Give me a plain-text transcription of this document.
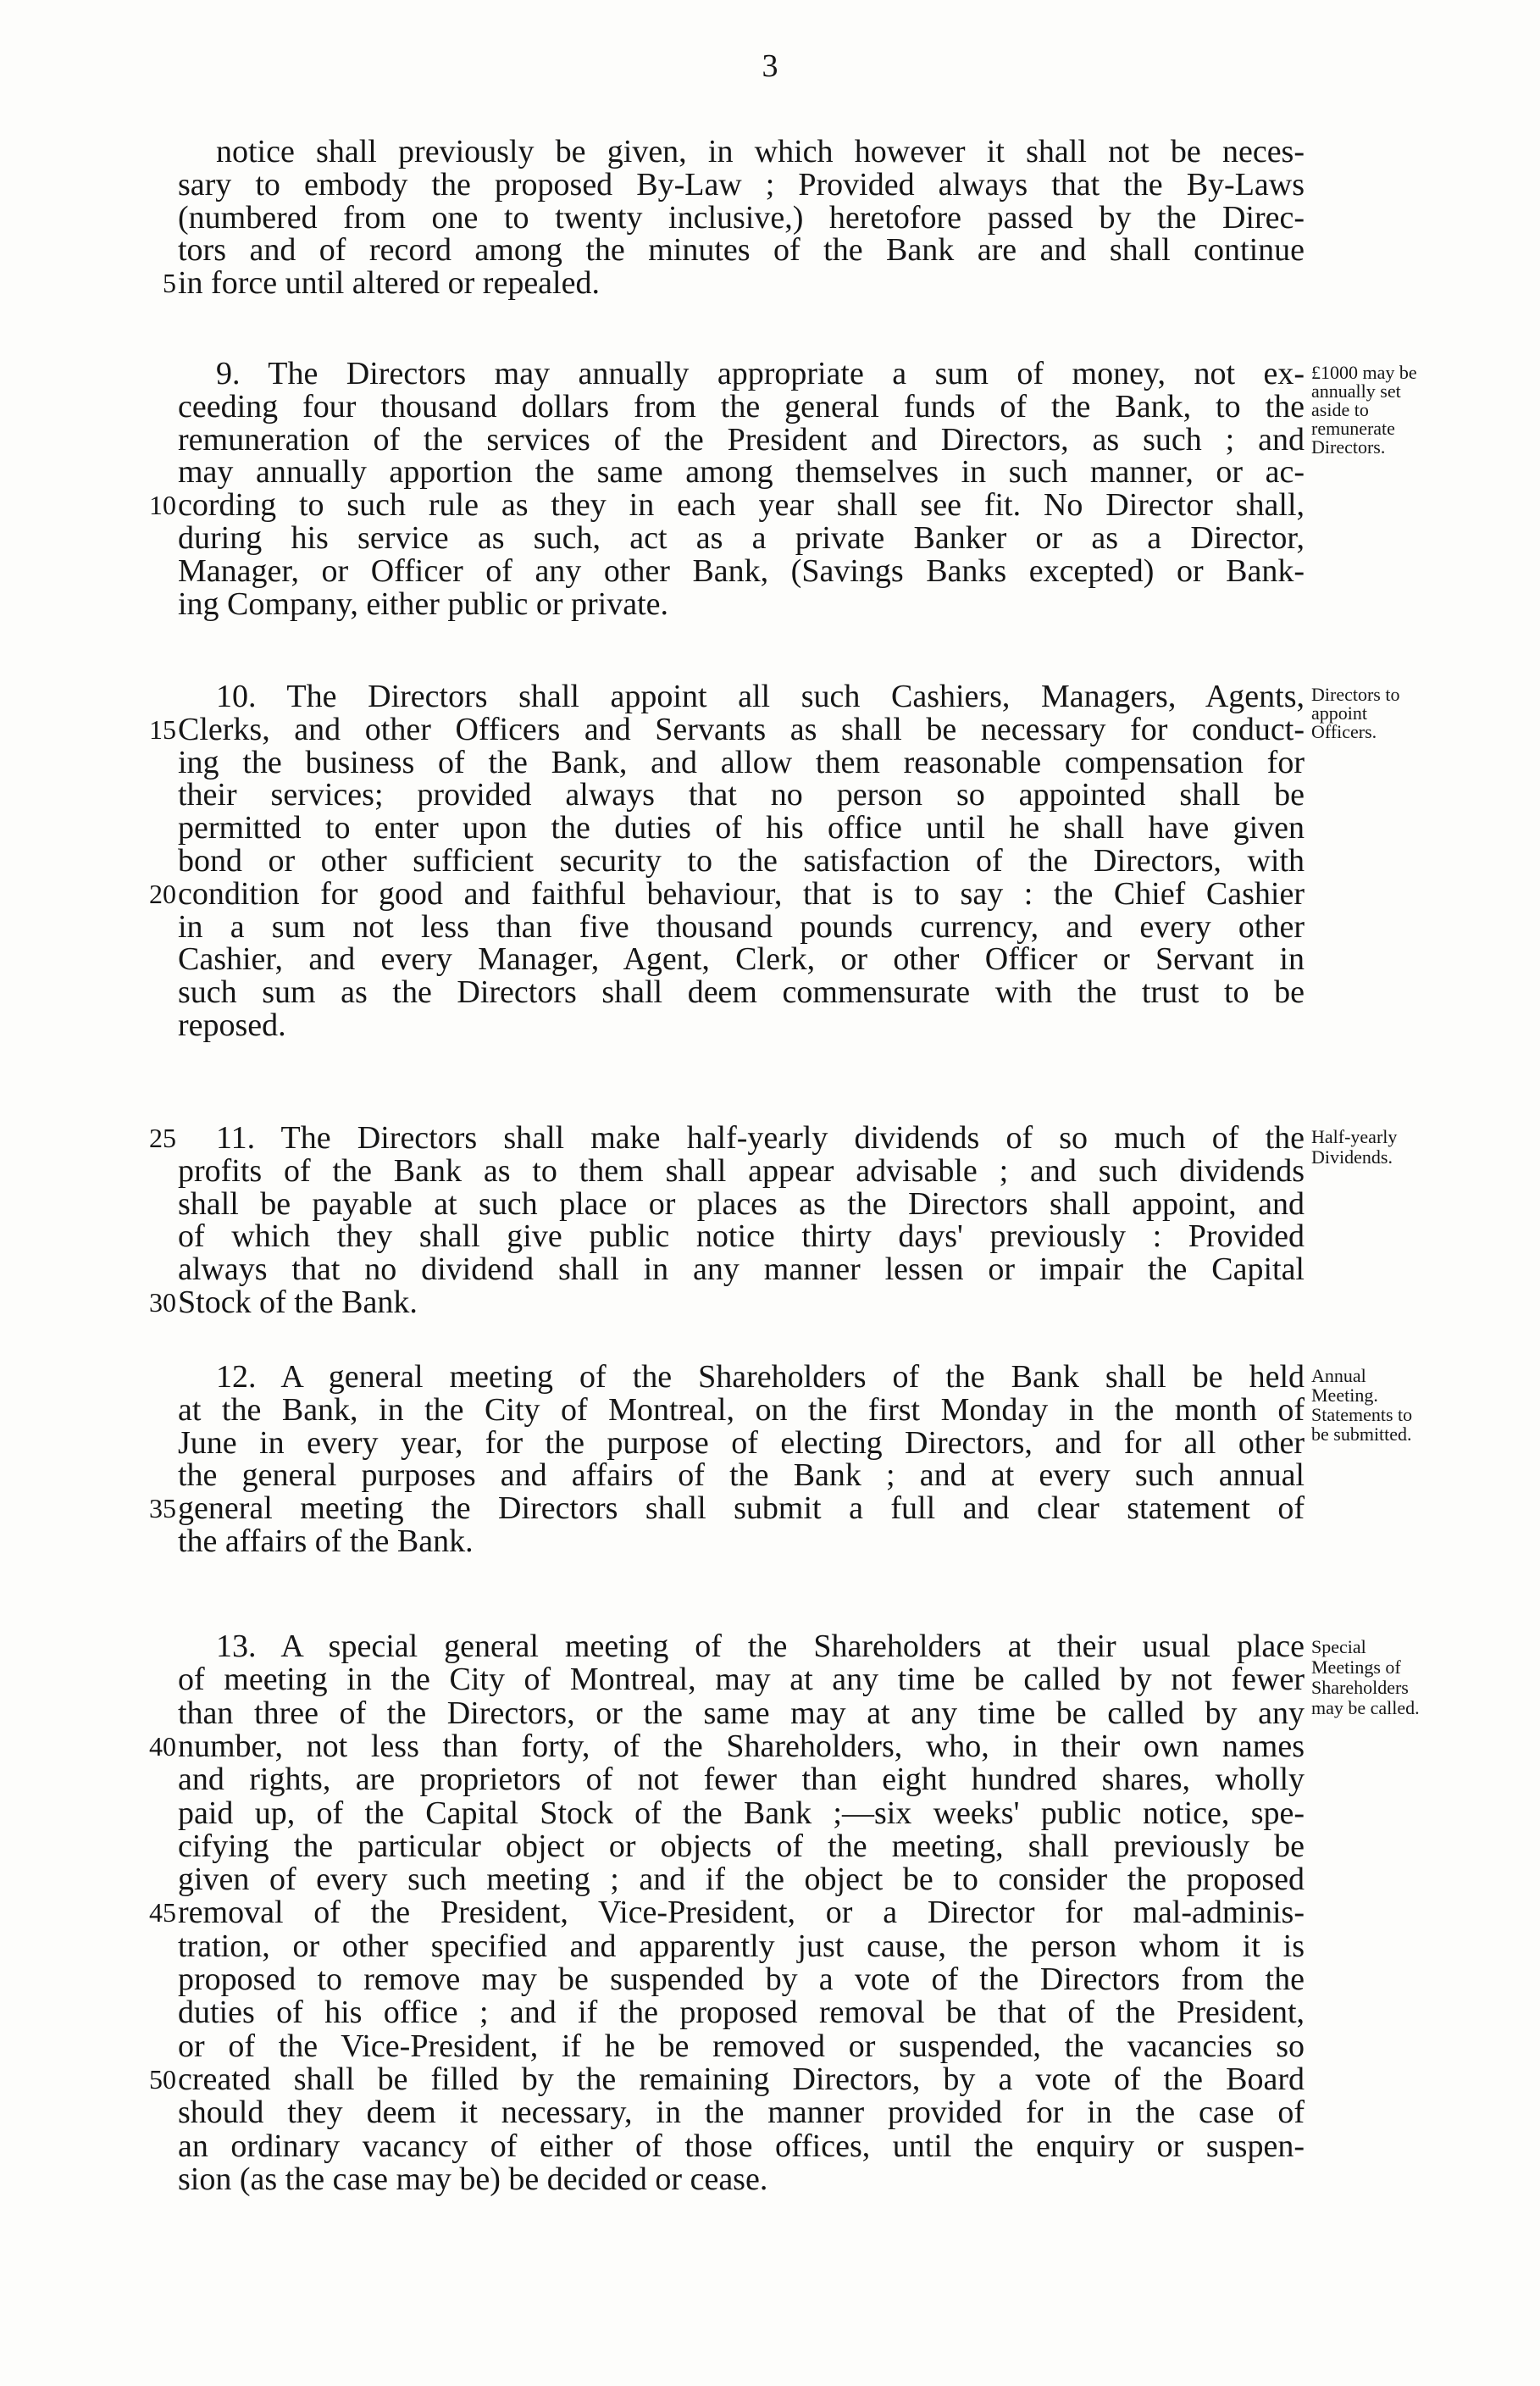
3
notice shall previously be given, in which however it shall not be neces-
sary to embody the proposed By-Law ; Provided always that the By-Laws
(numbered from one to twenty inclusive,) heretofore passed by the Direc-
tors and of record among the minutes of the Bank are and shall continue
in force until altered or repealed.
9. The Directors may annually appropriate a sum of money, not ex-
ceeding four thousand dollars from the general funds of the Bank, to the
remuneration of the services of the President and Directors, as such ; and
may annually apportion the same among themselves in such manner, or ac-
cording to such rule as they in each year shall see fit. No Director shall,
during his service as such, act as a private Banker or as a Director,
Manager, or Officer of any other Bank, (Savings Banks excepted) or Bank-
ing Company, either public or private.
£1000 may be
annually set
aside to
remunerate
Directors.
10. The Directors shall appoint all such Cashiers, Managers, Agents,
Clerks, and other Officers and Servants as shall be necessary for conduct-
ing the business of the Bank, and allow them reasonable compensation for
their services; provided always that no person so appointed shall be
permitted to enter upon the duties of his office until he shall have given
bond or other sufficient security to the satisfaction of the Directors, with
condition for good and faithful behaviour, that is to say : the Chief Cashier
in a sum not less than five thousand pounds currency, and every other
Cashier, and every Manager, Agent, Clerk, or other Officer or Servant in
such sum as the Directors shall deem commensurate with the trust to be
reposed.
Directors to
appoint
Officers.
11. The Directors shall make half-yearly dividends of so much of the
profits of the Bank as to them shall appear advisable ; and such dividends
shall be payable at such place or places as the Directors shall appoint, and
of which they shall give public notice thirty days' previously : Provided
always that no dividend shall in any manner lessen or impair the Capital
Stock of the Bank.
Half-yearly
Dividends.
12. A general meeting of the Shareholders of the Bank shall be held
at the Bank, in the City of Montreal, on the first Monday in the month of
June in every year, for the purpose of electing Directors, and for all other
the general purposes and affairs of the Bank ; and at every such annual
general meeting the Directors shall submit a full and clear statement of
the affairs of the Bank.
Annual
Meeting.
Statements to
be submitted.
13. A special general meeting of the Shareholders at their usual place
of meeting in the City of Montreal, may at any time be called by not fewer
than three of the Directors, or the same may at any time be called by any
number, not less than forty, of the Shareholders, who, in their own names
and rights, are proprietors of not fewer than eight hundred shares, wholly
paid up, of the Capital Stock of the Bank ;—six weeks' public notice, spe-
cifying the particular object or objects of the meeting, shall previously be
given of every such meeting ; and if the object be to consider the proposed
removal of the President, Vice-President, or a Director for mal-adminis-
tration, or other specified and apparently just cause, the person whom it is
proposed to remove may be suspended by a vote of the Directors from the
duties of his office ; and if the proposed removal be that of the President,
or of the Vice-President, if he be removed or suspended, the vacancies so
created shall be filled by the remaining Directors, by a vote of the Board
should they deem it necessary, in the manner provided for in the case of
an ordinary vacancy of either of those offices, until the enquiry or suspen-
sion (as the case may be) be decided or cease.
Special
Meetings of
Shareholders
may be called.
5
10
15
20
25
30
35
40
45
50
